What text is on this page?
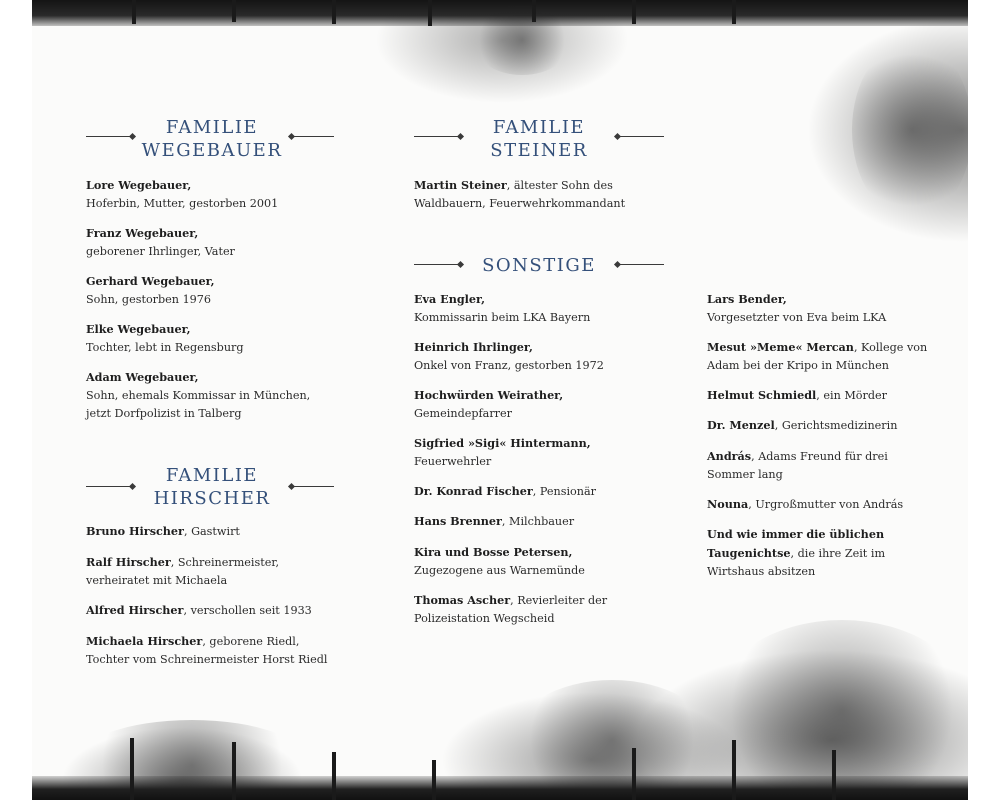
FAMILIE
WEGEBAUER
Lore Wegebauer,
Hoferbin, Mutter, gestorben 2001
Franz Wegebauer,
geborener Ihrlinger, Vater
Gerhard Wegebauer,
Sohn, gestorben 1976
Elke Wegebauer,
Tochter, lebt in Regensburg
Adam Wegebauer,
Sohn, ehemals Kommissar in München,
jetzt Dorfpolizist in Talberg
FAMILIE
HIRSCHER
Bruno Hirscher, Gastwirt
Ralf Hirscher, Schreinermeister,
verheiratet mit Michaela
Alfred Hirscher, verschollen seit 1933
Michaela Hirscher, geborene Riedl,
Tochter vom Schreinermeister Horst Riedl
FAMILIE
STEINER
Martin Steiner, ältester Sohn des
Waldbauern, Feuerwehrkommandant
SONSTIGE
Eva Engler,
Kommissarin beim LKA Bayern
Heinrich Ihrlinger,
Onkel von Franz, gestorben 1972
Hochwürden Weirather,
Gemeindepfarrer
Sigfried »Sigi« Hintermann,
Feuerwehrler
Dr. Konrad Fischer, Pensionär
Hans Brenner, Milchbauer
Kira und Bosse Petersen,
Zugezogene aus Warnemünde
Thomas Ascher, Revierleiter der
Polizeistation Wegscheid
Lars Bender,
Vorgesetzter von Eva beim LKA
Mesut »Meme« Mercan, Kollege von
Adam bei der Kripo in München
Helmut Schmiedl, ein Mörder
Dr. Menzel, Gerichtsmedizinerin
András, Adams Freund für drei
Sommer lang
Nouna, Urgroßmutter von András
Und wie immer die üblichen
Taugenichtse, die ihre Zeit im
Wirtshaus absitzen
